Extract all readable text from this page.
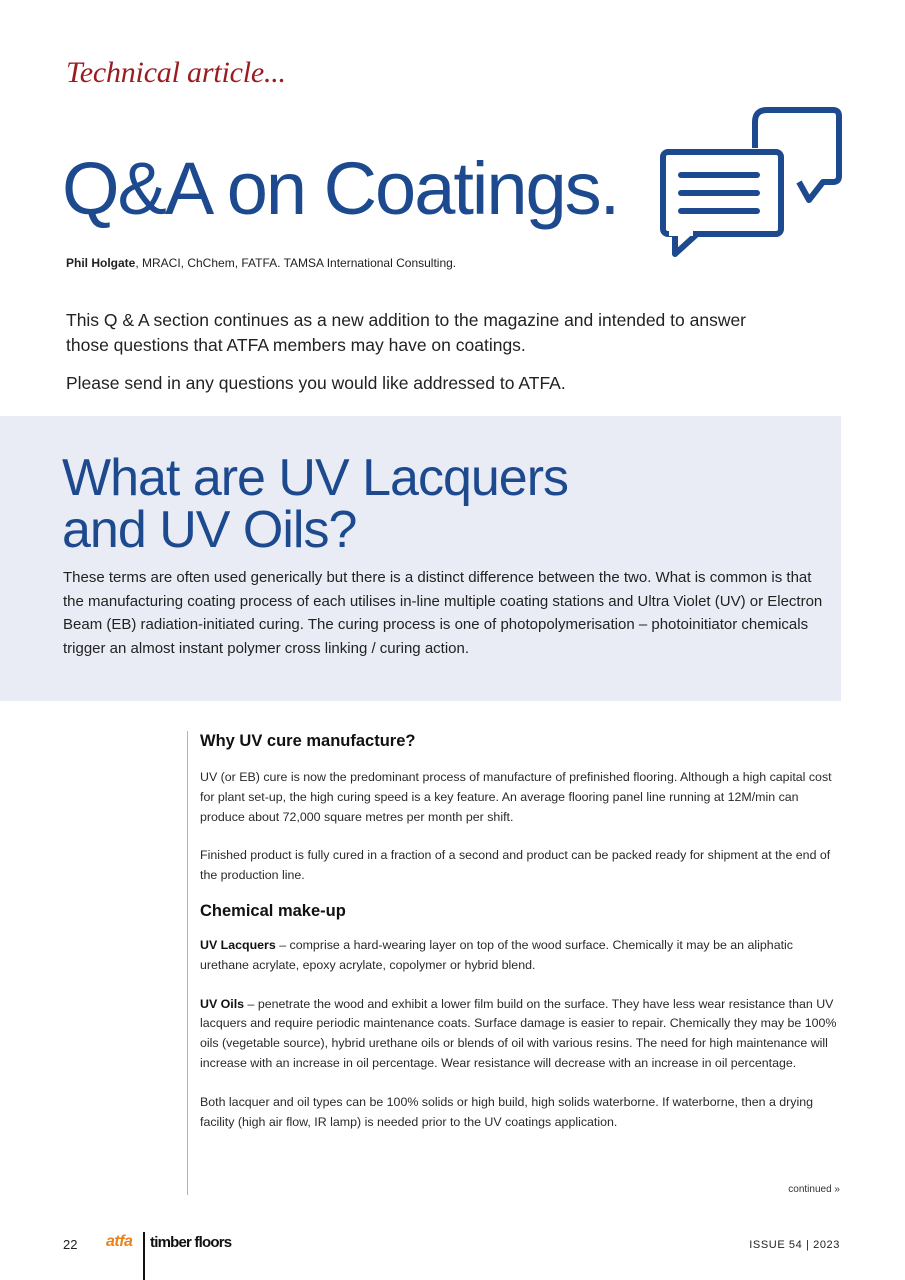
Technical article...
Q&A on Coatings.

Phil Holgate, MRACI, ChChem, FATFA. TAMSA International Consulting.

This Q & A section continues as a new addition to the magazine and intended to answer those questions that ATFA members may have on coatings.

Please send in any questions you would like addressed to ATFA.

What are UV Lacquers
and UV Oils?

These terms are often used generically but there is a distinct difference between the two. What is common is that the manufacturing coating process of each utilises in-line multiple coating stations and Ultra Violet (UV) or Electron Beam (EB) radiation-initiated curing. The curing process is one of photopolymerisation – photoinitiator chemicals trigger an almost instant polymer cross linking / curing action.

Why UV cure manufacture?

UV (or EB) cure is now the predominant process of manufacture of prefinished flooring. Although a high capital cost for plant set-up, the high curing speed is a key feature. An average flooring panel line running at 12M/min can produce about 72,000 square metres per month per shift.

Finished product is fully cured in a fraction of a second and product can be packed ready for shipment at the end of the production line.

Chemical make-up

UV Lacquers – comprise a hard-wearing layer on top of the wood surface. Chemically it may be an aliphatic urethane acrylate, epoxy acrylate, copolymer or hybrid blend.

UV Oils – penetrate the wood and exhibit a lower film build on the surface. They have less wear resistance than UV lacquers and require periodic maintenance coats. Surface damage is easier to repair. Chemically they may be 100% oils (vegetable source), hybrid urethane oils or blends of oil with various resins. The need for high maintenance will increase with an increase in oil percentage. Wear resistance will decrease with an increase in oil percentage.

Both lacquer and oil types can be 100% solids or high build, high solids waterborne. If waterborne, then a drying facility (high air flow, IR lamp) is needed prior to the UV coatings application.

continued »
22 atfa timber floors	ISSUE 54 | 2023
